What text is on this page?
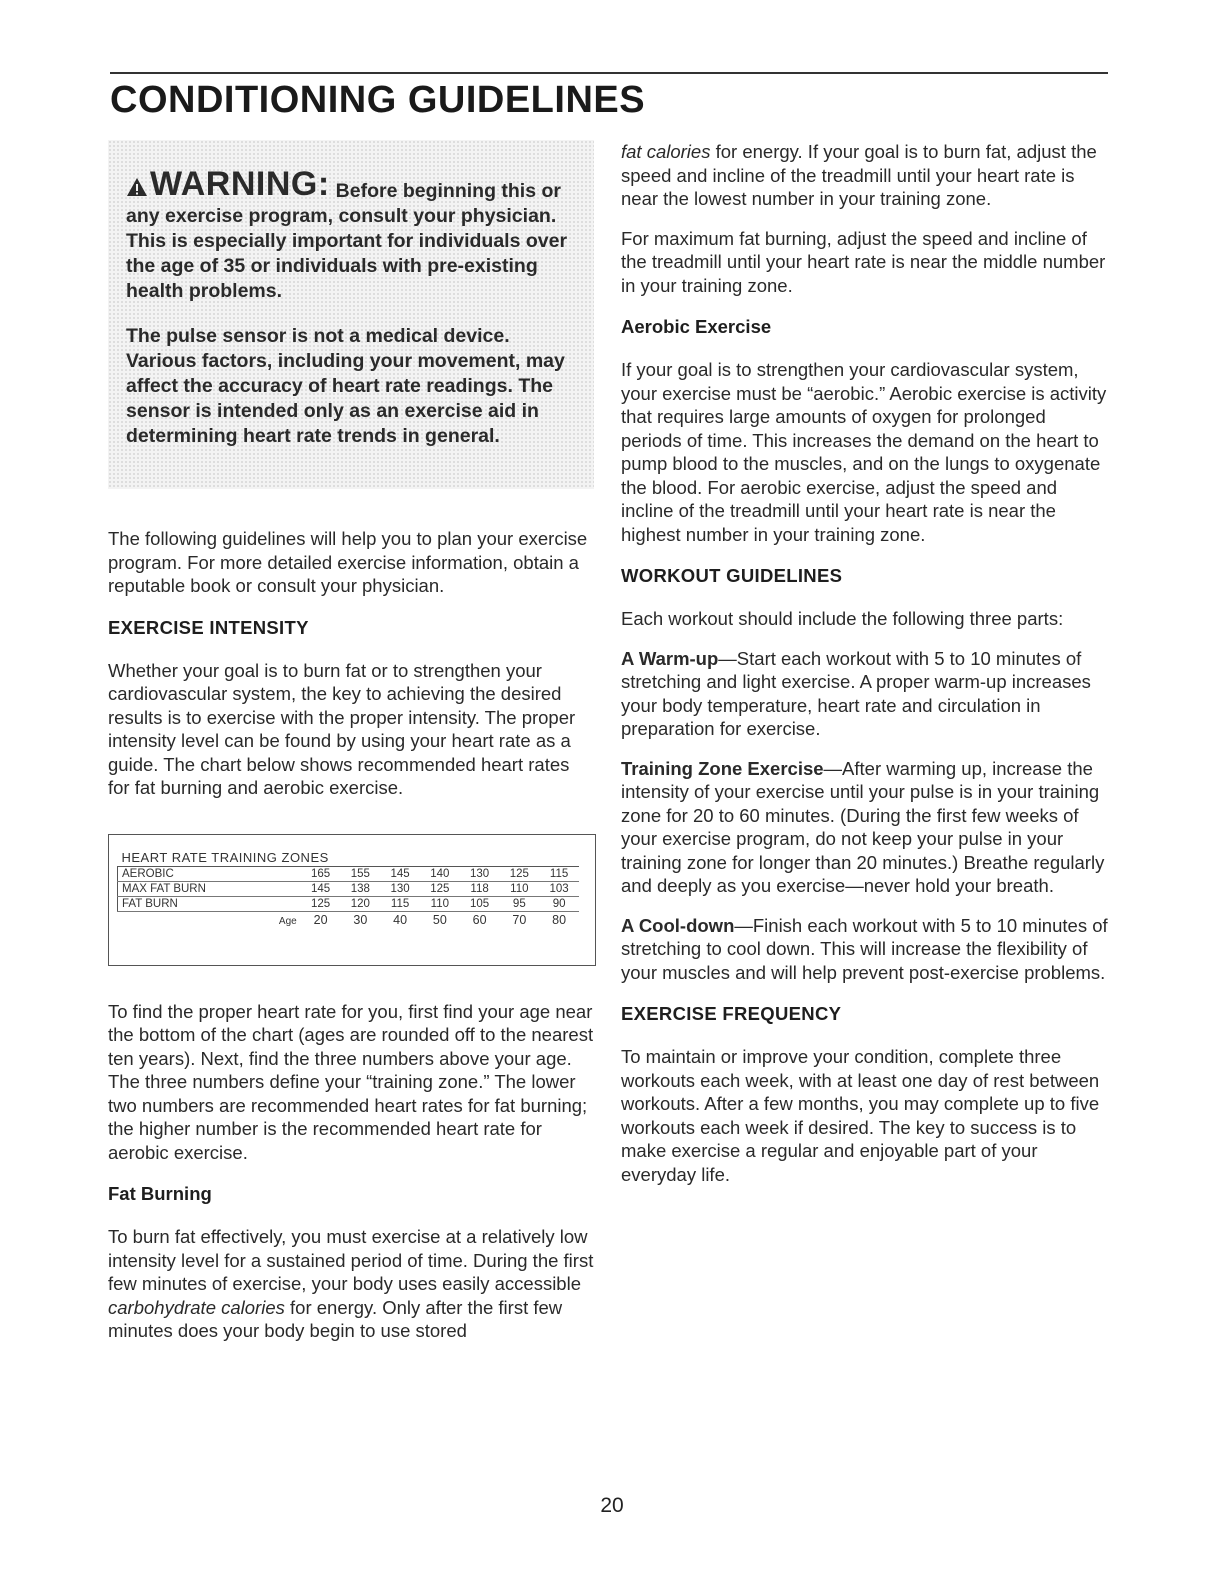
CONDITIONING GUIDELINES

WARNING: Before beginning this or any exercise program, consult your physician. This is especially important for individuals over the age of 35 or individuals with pre-existing health problems.

The pulse sensor is not a medical device. Various factors, including your movement, may affect the accuracy of heart rate readings. The sensor is intended only as an exercise aid in determining heart rate trends in general.

The following guidelines will help you to plan your exercise program. For more detailed exercise information, obtain a reputable book or consult your physician.

EXERCISE INTENSITY

Whether your goal is to burn fat or to strengthen your cardiovascular system, the key to achieving the desired results is to exercise with the proper intensity. The proper intensity level can be found by using your heart rate as a guide. The chart below shows recommended heart rates for fat burning and aerobic exercise.

HEART RATE TRAINING ZONES							
AEROBIC	165	155	145	140	130	125	115
MAX FAT BURN	145	138	130	125	118	110	103
FAT BURN	125	120	115	110	105	95	90
Age	20	30	40	50	60	70	80

To find the proper heart rate for you, first find your age near the bottom of the chart (ages are rounded off to the nearest ten years). Next, find the three numbers above your age. The three numbers define your “training zone.” The lower two numbers are recommended heart rates for fat burning; the higher number is the recommended heart rate for aerobic exercise.

Fat Burning

To burn fat effectively, you must exercise at a relatively low intensity level for a sustained period of time. During the first few minutes of exercise, your body uses easily accessible carbohydrate calories for energy. Only after the first few minutes does your body begin to use stored

fat calories for energy. If your goal is to burn fat, adjust the speed and incline of the treadmill until your heart rate is near the lowest number in your training zone.

For maximum fat burning, adjust the speed and incline of the treadmill until your heart rate is near the middle number in your training zone.

Aerobic Exercise

If your goal is to strengthen your cardiovascular system, your exercise must be “aerobic.” Aerobic exercise is activity that requires large amounts of oxygen for prolonged periods of time. This increases the demand on the heart to pump blood to the muscles, and on the lungs to oxygenate the blood. For aerobic exercise, adjust the speed and incline of the treadmill until your heart rate is near the highest number in your training zone.

WORKOUT GUIDELINES

Each workout should include the following three parts:

A Warm-up—Start each workout with 5 to 10 minutes of stretching and light exercise. A proper warm-up increases your body temperature, heart rate and circulation in preparation for exercise.

Training Zone Exercise—After warming up, increase the intensity of your exercise until your pulse is in your training zone for 20 to 60 minutes. (During the first few weeks of your exercise program, do not keep your pulse in your training zone for longer than 20 minutes.) Breathe regularly and deeply as you exercise—never hold your breath.

A Cool-down—Finish each workout with 5 to 10 minutes of stretching to cool down. This will increase the flexibility of your muscles and will help prevent post-exercise problems.

EXERCISE FREQUENCY

To maintain or improve your condition, complete three workouts each week, with at least one day of rest between workouts. After a few months, you may complete up to five workouts each week if desired. The key to success is to make exercise a regular and enjoyable part of your everyday life.

20
